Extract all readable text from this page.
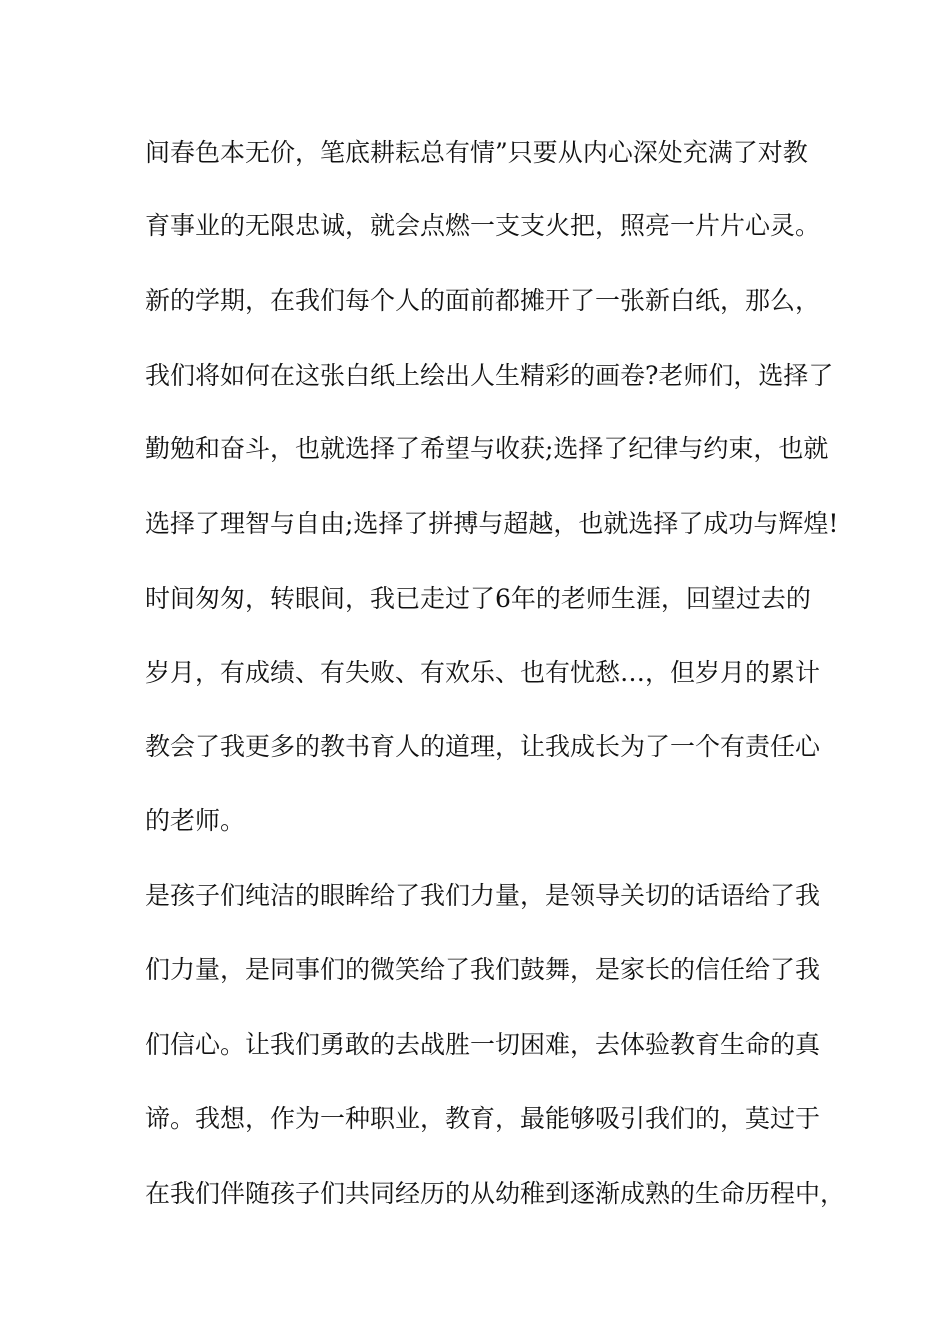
间春色本无价，笔底耕耘总有情”只要从内心深处充满了对教
育事业的无限忠诚，就会点燃一支支火把，照亮一片片心灵。
新的学期，在我们每个人的面前都摊开了一张新白纸，那么，
我们将如何在这张白纸上绘出人生精彩的画卷?老师们，选择了
勤勉和奋斗，也就选择了希望与收获;选择了纪律与约束，也就
选择了理智与自由;选择了拼搏与超越，也就选择了成功与辉煌!
时间匆匆，转眼间，我已走过了6年的老师生涯，回望过去的
岁月，有成绩、有失败、有欢乐、也有忧愁…，但岁月的累计
教会了我更多的教书育人的道理，让我成长为了一个有责任心
的老师。
是孩子们纯洁的眼眸给了我们力量，是领导关切的话语给了我
们力量，是同事们的微笑给了我们鼓舞，是家长的信任给了我
们信心。让我们勇敢的去战胜一切困难，去体验教育生命的真
谛。我想，作为一种职业，教育，最能够吸引我们的，莫过于
在我们伴随孩子们共同经历的从幼稚到逐渐成熟的生命历程中，
